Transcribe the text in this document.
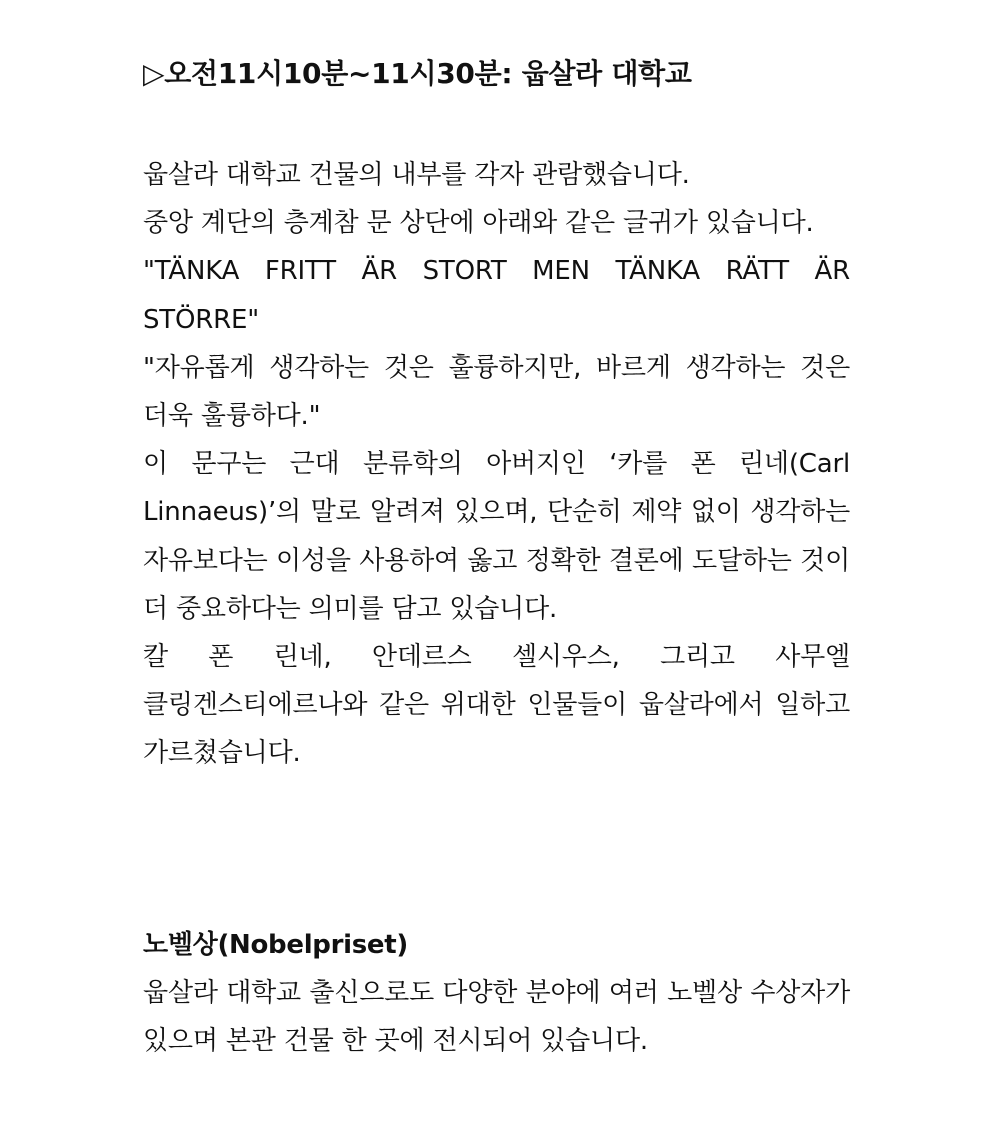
▷오전11시10분~11시30분: 웁살라 대학교

웁살라 대학교 건물의 내부를 각자 관람했습니다.

중앙 계단의 층계참 문 상단에 아래와 같은 글귀가 있습니다.

"TÄNKA FRITT ÄR STORT MEN TÄNKA RÄTT ÄR STÖRRE"

"자유롭게 생각하는 것은 훌륭하지만, 바르게 생각하는 것은 더욱 훌륭하다."

이 문구는 근대 분류학의 아버지인 ‘카를 폰 린네(Carl Linnaeus)’의 말로 알려져 있으며, 단순히 제약 없이 생각하는 자유보다는 이성을 사용하여 옳고 정확한 결론에 도달하는 것이 더 중요하다는 의미를 담고 있습니다.

칼 폰 린네, 안데르스 셀시우스, 그리고 사무엘 클링겐스티에르나와 같은 위대한 인물들이 웁살라에서 일하고 가르쳤습니다.

노벨상(Nobelpriset)

웁살라 대학교 출신으로도 다양한 분야에 여러 노벨상 수상자가 있으며 본관 건물 한 곳에 전시되어 있습니다.
